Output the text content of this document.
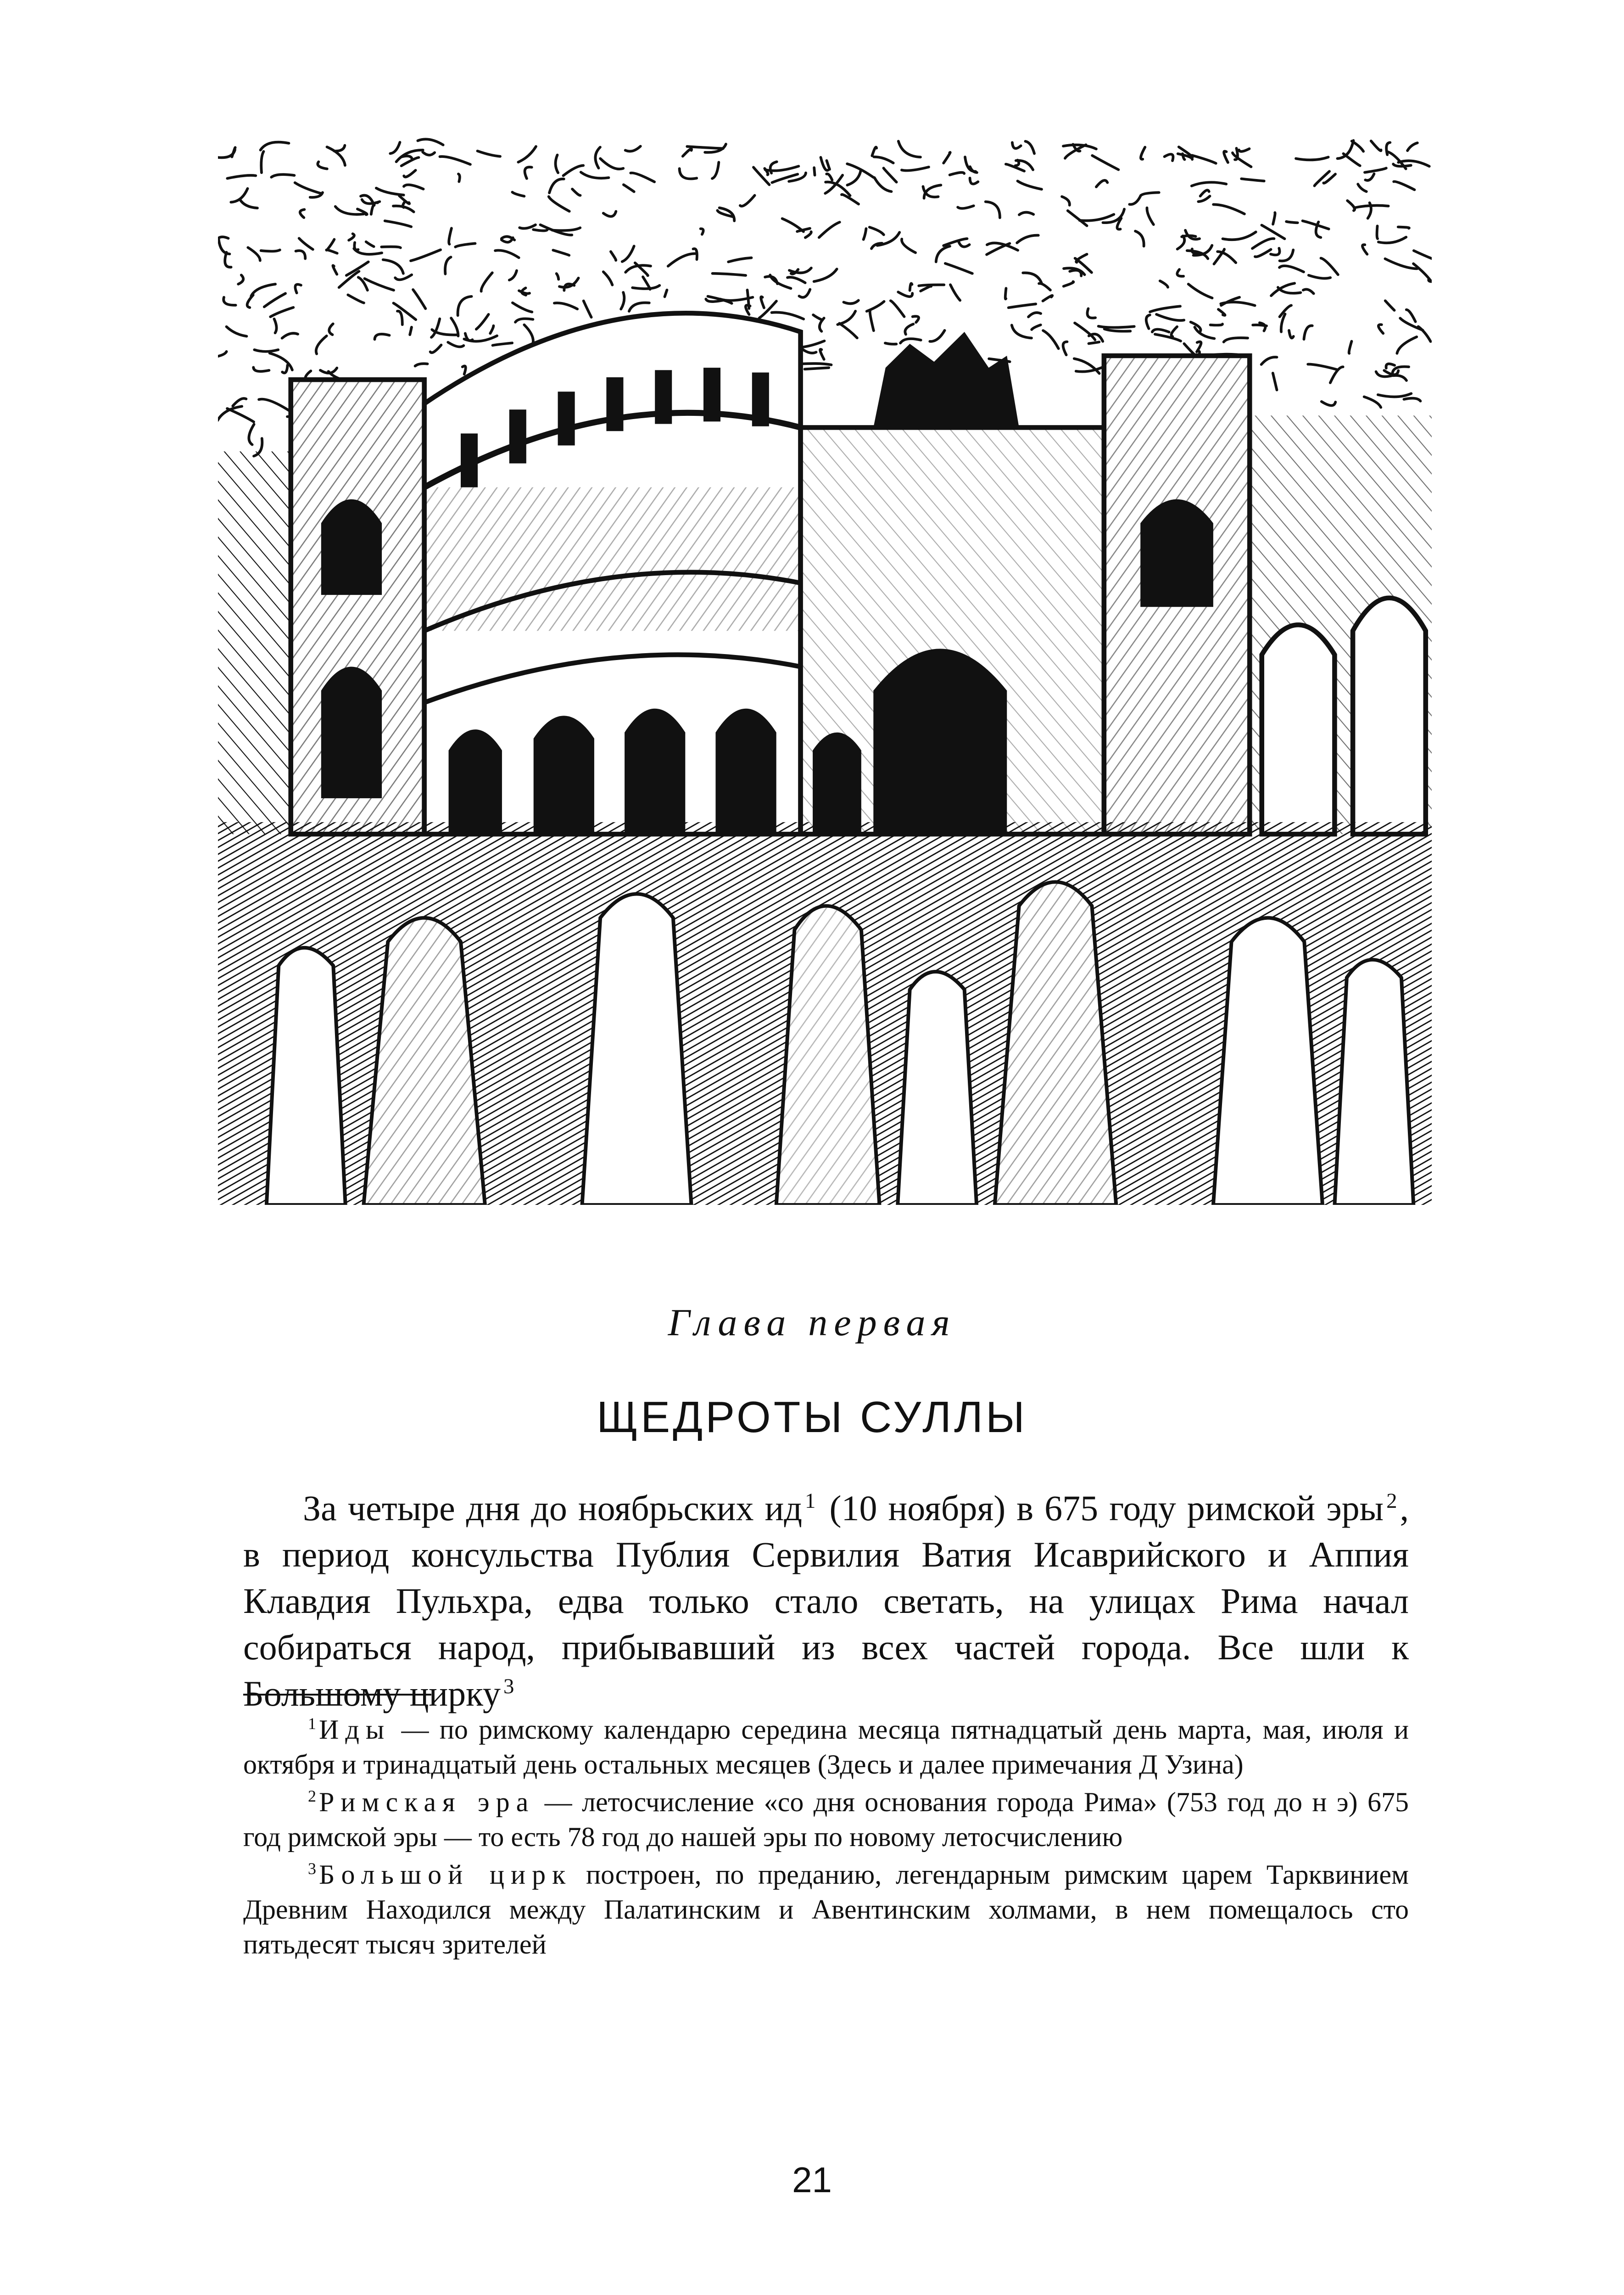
Глава первая
ЩЕДРОТЫ СУЛЛЫ

За четыре дня до ноябрьских ид $^1$ (10 ноября) в 675 году римской эры $^2$, в период консульства Публия Сервилия Ватия Исаврийского и Аппия Клавдия Пульхра, едва только стало светать, на улицах Рима начал собираться народ, прибывавший из всех частей города. Все шли к Большому цирку $^3$

$^1$ Иды — по римскому календарю середина месяца пятнадцатый день марта, мая, июля и октября и тринадцатый день остальных месяцев (Здесь и далее примечания Д Узина)

$^2$ Римская эра — летосчисление «со дня основания города Рима» (753 год до н э) 675 год римской эры — то есть 78 год до нашей эры по новому летосчислению

$^3$ Большой цирк построен, по преданию, легендарным римским царем Тарквинием Древним Находился между Палатинским и Авентинским холмами, в нем помещалось сто пятьдесят тысяч зрителей

21
